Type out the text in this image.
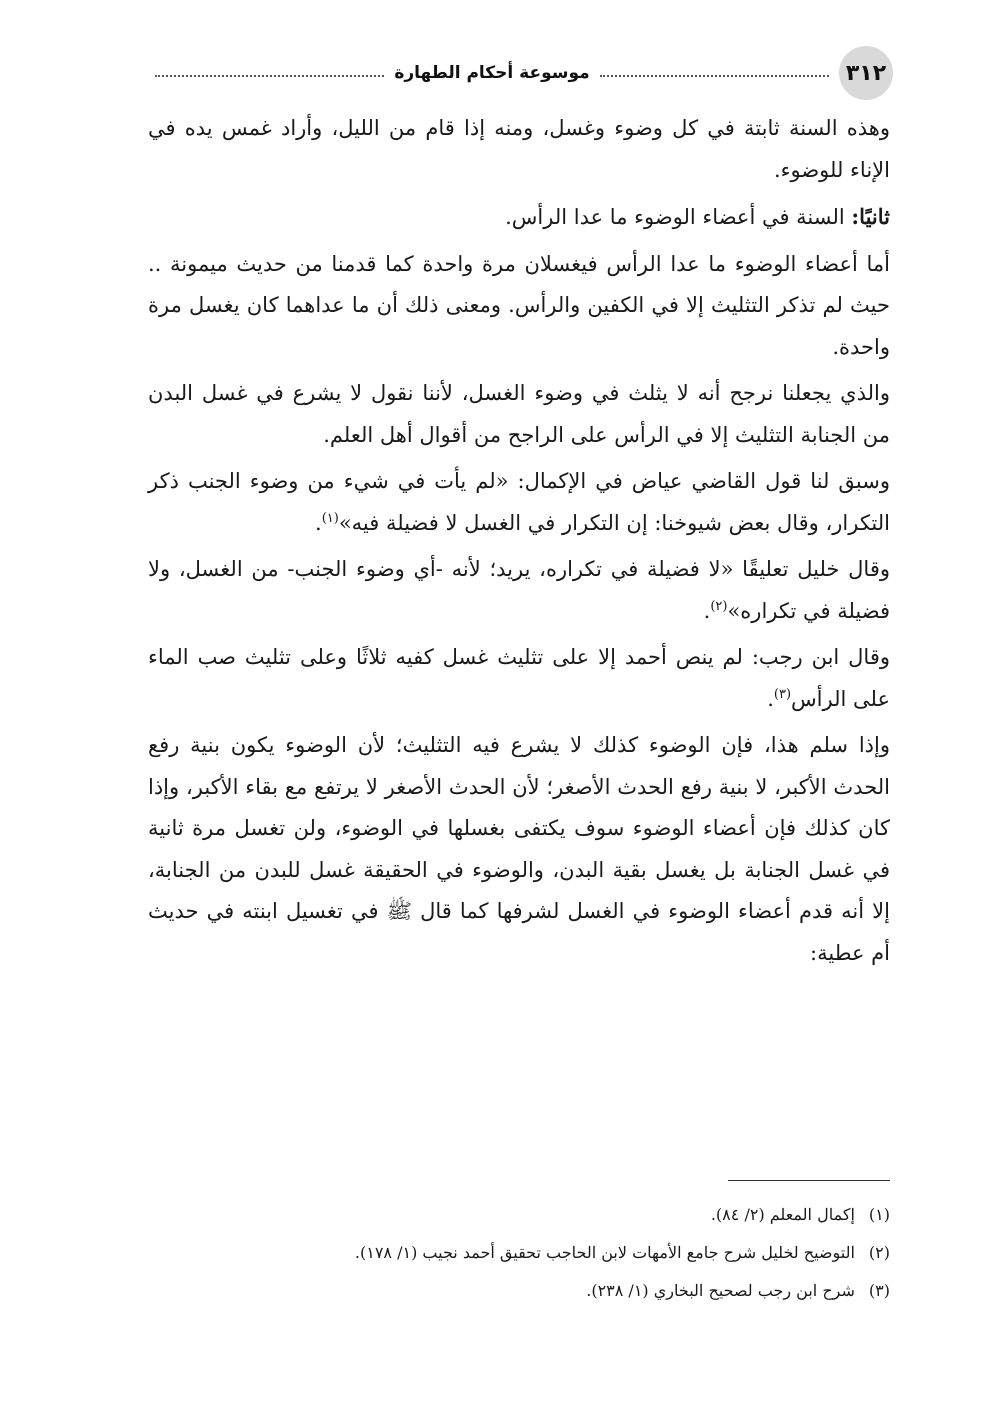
٣١٢
موسوعة أحكام الطهارة

وهذه السنة ثابتة في كل وضوء وغسل، ومنه إذا قام من الليل، وأراد غمس يده في الإناء للوضوء.

ثانيًا: السنة في أعضاء الوضوء ما عدا الرأس.

أما أعضاء الوضوء ما عدا الرأس فيغسلان مرة واحدة كما قدمنا من حديث ميمونة .. حيث لم تذكر التثليث إلا في الكفين والرأس. ومعنى ذلك أن ما عداهما كان يغسل مرة واحدة.

والذي يجعلنا نرجح أنه لا يثلث في وضوء الغسل، لأننا نقول لا يشرع في غسل البدن من الجنابة التثليث إلا في الرأس على الراجح من أقوال أهل العلم.

وسبق لنا قول القاضي عياض في الإكمال: «لم يأت في شيء من وضوء الجنب ذكر التكرار، وقال بعض شيوخنا: إن التكرار في الغسل لا فضيلة فيه»$^{(١)}$.

وقال خليل تعليقًا «لا فضيلة في تكراره، يريد؛ لأنه -أي وضوء الجنب- من الغسل، ولا فضيلة في تكراره»$^{(٢)}$.

وقال ابن رجب: لم ينص أحمد إلا على تثليث غسل كفيه ثلاثًا وعلى تثليث صب الماء على الرأس$^{(٣)}$.

وإذا سلم هذا، فإن الوضوء كذلك لا يشرع فيه التثليث؛ لأن الوضوء يكون بنية رفع الحدث الأكبر، لا بنية رفع الحدث الأصغر؛ لأن الحدث الأصغر لا يرتفع مع بقاء الأكبر، وإذا كان كذلك فإن أعضاء الوضوء سوف يكتفى بغسلها في الوضوء، ولن تغسل مرة ثانية في غسل الجنابة بل يغسل بقية البدن، والوضوء في الحقيقة غسل للبدن من الجنابة، إلا أنه قدم أعضاء الوضوء في الغسل لشرفها كما قال ﷺ في تغسيل ابنته في حديث أم عطية:

(١)
إكمال المعلم (٢/ ٨٤).
(٢)
التوضيح لخليل شرح جامع الأمهات لابن الحاجب تحقيق أحمد نجيب (١/ ١٧٨).
(٣)
شرح ابن رجب لصحيح البخاري (١/ ٢٣٨).
